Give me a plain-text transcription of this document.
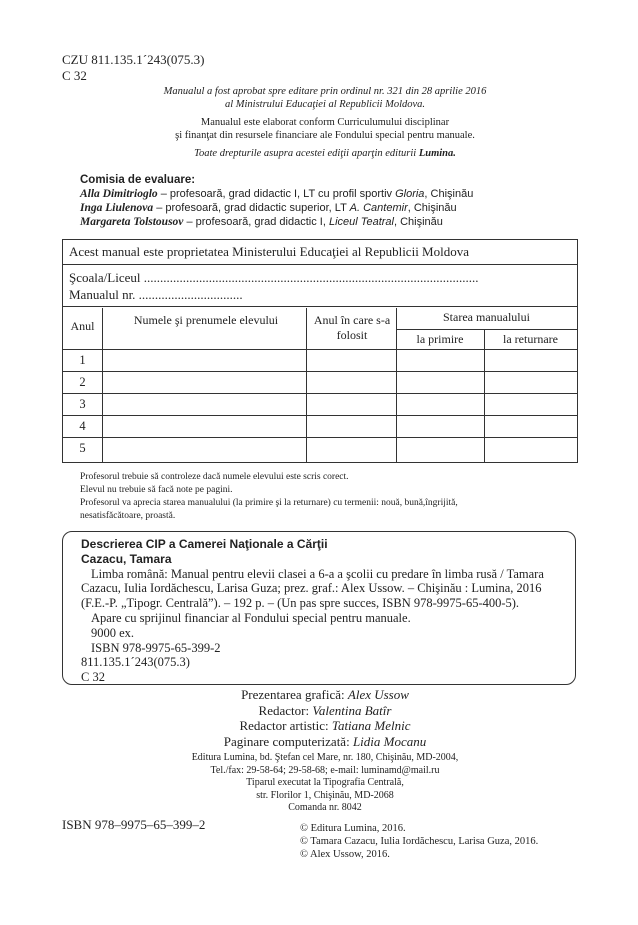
CZU 811.135.1´243(075.3)
C 32

Manualul a fost aprobat spre editare prin ordinul nr. 321 din 28 aprilie 2016

al Ministrului Educaţiei al Republicii Moldova.

Manualul este elaborat conform Curriculumului disciplinar

şi finanţat din resursele financiare ale Fondului special pentru manuale.

Toate drepturile asupra acestei ediţii aparţin editurii Lumina.

Comisia de evaluare:
Alla Dimitrioglo – profesoară, grad didactic I, LT cu profil sportiv Gloria, Chişinău
Inga Liulenova – profesoară, grad didactic superior, LT A. Cantemir, Chişinău
Margareta Tolstousov – profesoară, grad didactic I, Liceul Teatral, Chişinău
Acest manual este proprietatea Ministerului Educaţiei al Republicii Moldova
Şcoala/Liceul .......................................................................................................
Manualul nr. ................................
Anul	Numele şi prenumele elevului	Anul în care s-a folosit
Starea manualului
la primire	la returnare
1
2
3
4
5

Profesorul trebuie să controleze dacă numele elevului este scris corect.

Elevul nu trebuie să facă note pe pagini.

Profesorul va aprecia starea manualului (la primire şi la returnare) cu termenii: nouă, bună,îngrijită,

nesatisfăcătoare, proastă.

Descrierea CIP a Camerei Naţionale a Cărţii

Cazacu, Tamara

Limba română: Manual pentru elevii clasei a 6-a a şcolii cu predare în limba rusă / Tamara

Cazacu, Iulia Iordăchescu, Larisa Guza; prez. graf.: Alex Ussow. – Chişinău : Lumina, 2016

(F.E.-P. „Tipogr. Centrală”). – 192 p. – (Un pas spre succes, ISBN 978-9975-65-400-5).

Apare cu sprijinul financiar al Fondului special pentru manuale.

9000 ex.

ISBN 978-9975-65-399-2

811.135.1´243(075.3)

C 32

Prezentarea grafică: Alex Ussow

Redactor: Valentina Batîr

Redactor artistic: Tatiana Melnic

Paginare computerizată: Lidia Mocanu

Editura Lumina, bd. Ştefan cel Mare, nr. 180, Chişinău, MD-2004,

Tel./fax: 29-58-64; 29-58-68; e-mail: luminamd@mail.ru

Tiparul executat la Tipografia Centrală,

str. Florilor 1, Chişinău, MD-2068

Comanda nr. 8042

ISBN 978–9975–65–399–2	© Editura Lumina, 2016.

© Tamara Cazacu, Iulia Iordăchescu, Larisa Guza, 2016.

© Alex Ussow, 2016.
